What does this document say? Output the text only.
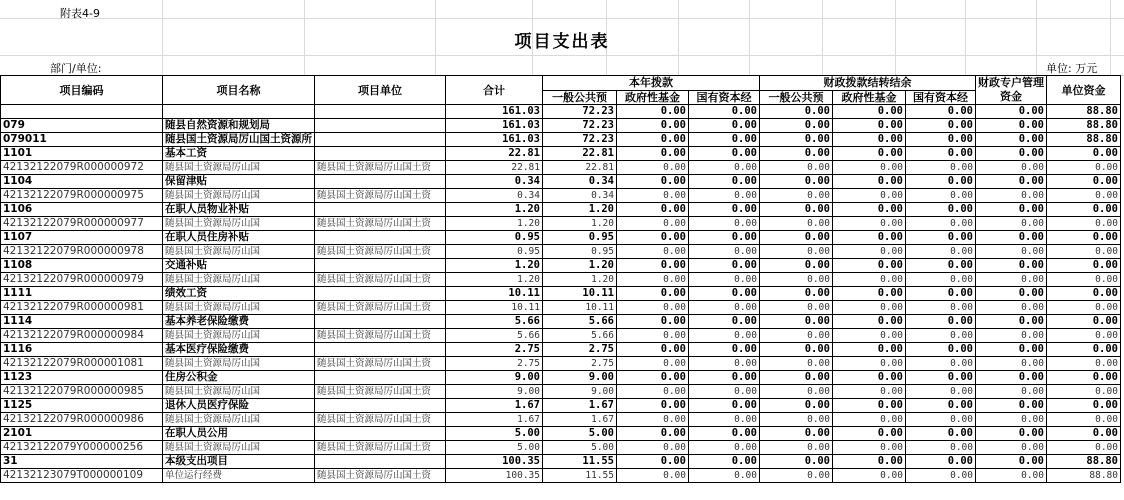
附表4-9
项目支出表
部门/单位:	单位: 万元
项目编码	项目名称	项目单位	合计	本年拨款			财政拨款结转结余			财政专户管理资金	单位资金
				一般公共预	政府性基金	国有资本经	一般公共预	政府性基金	国有资本经		
			161.03	72.23	0.00	0.00	0.00	0.00	0.00	0.00	88.80
079	随县自然资源和规划局		161.03	72.23	0.00	0.00	0.00	0.00	0.00	0.00	88.80
079011	随县国土资源局厉山国土资源所		161.03	72.23	0.00	0.00	0.00	0.00	0.00	0.00	88.80
1101	基本工资		22.81	22.81	0.00	0.00	0.00	0.00	0.00	0.00	0.00
42132122079R000000972	随县国土资源局厉山国	随县国土资源局厉山国土资	22.81	22.81	0.00	0.00	0.00	0.00	0.00	0.00	0.00
1104	保留津贴		0.34	0.34	0.00	0.00	0.00	0.00	0.00	0.00	0.00
42132122079R000000975	随县国土资源局厉山国	随县国土资源局厉山国土资	0.34	0.34	0.00	0.00	0.00	0.00	0.00	0.00	0.00
1106	在职人员物业补贴		1.20	1.20	0.00	0.00	0.00	0.00	0.00	0.00	0.00
42132122079R000000977	随县国土资源局厉山国	随县国土资源局厉山国土资	1.20	1.20	0.00	0.00	0.00	0.00	0.00	0.00	0.00
1107	在职人员住房补贴		0.95	0.95	0.00	0.00	0.00	0.00	0.00	0.00	0.00
42132122079R000000978	随县国土资源局厉山国	随县国土资源局厉山国土资	0.95	0.95	0.00	0.00	0.00	0.00	0.00	0.00	0.00
1108	交通补贴		1.20	1.20	0.00	0.00	0.00	0.00	0.00	0.00	0.00
42132122079R000000979	随县国土资源局厉山国	随县国土资源局厉山国土资	1.20	1.20	0.00	0.00	0.00	0.00	0.00	0.00	0.00
1111	绩效工资		10.11	10.11	0.00	0.00	0.00	0.00	0.00	0.00	0.00
42132122079R000000981	随县国土资源局厉山国	随县国土资源局厉山国土资	10.11	10.11	0.00	0.00	0.00	0.00	0.00	0.00	0.00
1114	基本养老保险缴费		5.66	5.66	0.00	0.00	0.00	0.00	0.00	0.00	0.00
42132122079R000000984	随县国土资源局厉山国	随县国土资源局厉山国土资	5.66	5.66	0.00	0.00	0.00	0.00	0.00	0.00	0.00
1116	基本医疗保险缴费		2.75	2.75	0.00	0.00	0.00	0.00	0.00	0.00	0.00
42132122079R000001081	随县国土资源局厉山国	随县国土资源局厉山国土资	2.75	2.75	0.00	0.00	0.00	0.00	0.00	0.00	0.00
1123	住房公积金		9.00	9.00	0.00	0.00	0.00	0.00	0.00	0.00	0.00
42132122079R000000985	随县国土资源局厉山国	随县国土资源局厉山国土资	9.00	9.00	0.00	0.00	0.00	0.00	0.00	0.00	0.00
1125	退休人员医疗保险		1.67	1.67	0.00	0.00	0.00	0.00	0.00	0.00	0.00
42132122079R000000986	随县国土资源局厉山国	随县国土资源局厉山国土资	1.67	1.67	0.00	0.00	0.00	0.00	0.00	0.00	0.00
2101	在职人员公用		5.00	5.00	0.00	0.00	0.00	0.00	0.00	0.00	0.00
42132122079Y000000256	随县国土资源局厉山国	随县国土资源局厉山国土资	5.00	5.00	0.00	0.00	0.00	0.00	0.00	0.00	0.00
31	本级支出项目		100.35	11.55	0.00	0.00	0.00	0.00	0.00	0.00	88.80
42132123079T000000109	单位运行经费	随县国土资源局厉山国土资	100.35	11.55	0.00	0.00	0.00	0.00	0.00	0.00	88.80
